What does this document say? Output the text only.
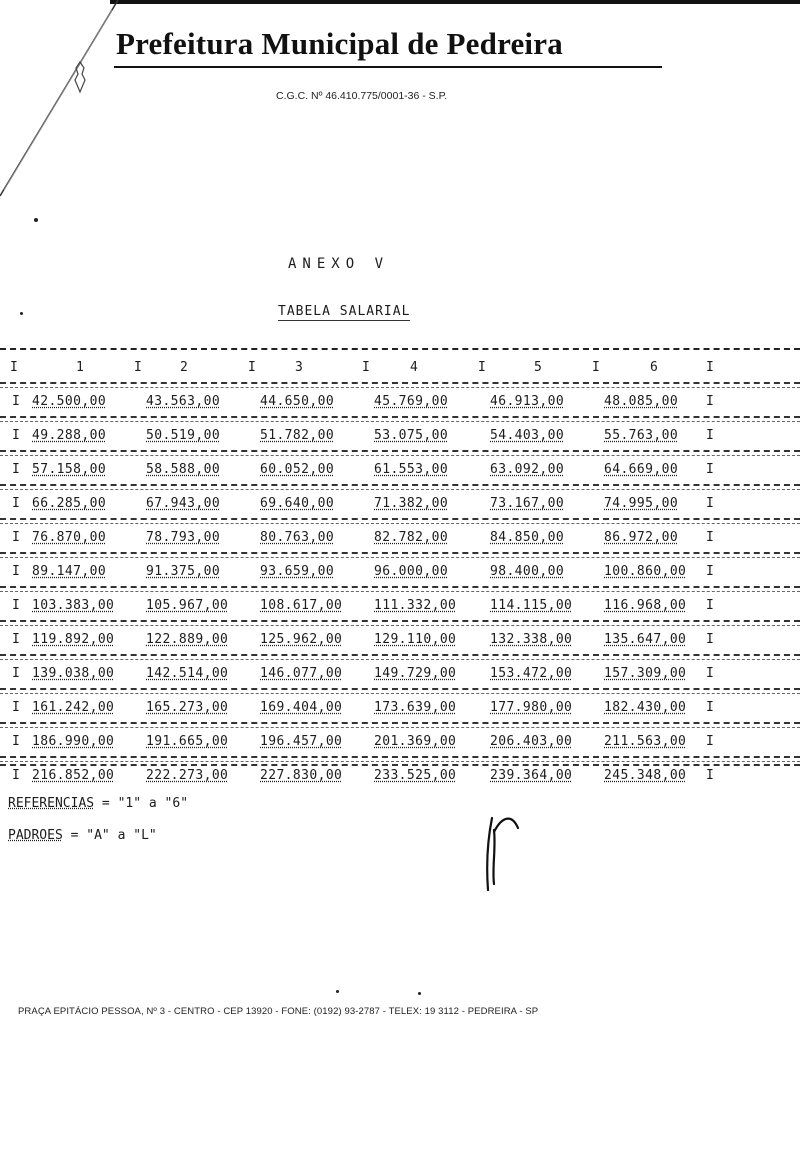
Prefeitura Municipal de Pedreira
C.G.C. Nº 46.410.775/0001-36 - S.P.
ANEXO V
TABELA SALARIAL
I	1	I	2	I	3	I	4	I	5	I	6	I
I	I
42.500,00	43.563,00	44.650,00	45.769,00	46.913,00	48.085,00
I	I
49.288,00	50.519,00	51.782,00	53.075,00	54.403,00	55.763,00
I	I
57.158,00	58.588,00	60.052,00	61.553,00	63.092,00	64.669,00
I	I
66.285,00	67.943,00	69.640,00	71.382,00	73.167,00	74.995,00
I	I
76.870,00	78.793,00	80.763,00	82.782,00	84.850,00	86.972,00
I	I
89.147,00	91.375,00	93.659,00	96.000,00	98.400,00	100.860,00
I	I
103.383,00 105.967,00 108.617,00 111.332,00	114.115,00 116.968,00
I	I
119.892,00 122.889,00 125.962,00 129.110,00	132.338,00 135.647,00
I	I
139.038,00 142.514,00 146.077,00 149.729,00	153.472,00 157.309,00
I	I
161.242,00 165.273,00 169.404,00 173.639,00	177.980,00 182.430,00
I	I
186.990,00 191.665,00 196.457,00 201.369,00	206.403,00 211.563,00
I	I
216.852,00 222.273,00 227.830,00 233.525,00	239.364,00 245.348,00
REFERENCIAS = "1" a "6"
PADROES = "A" a "L"
PRAÇA EPITÁCIO PESSOA, Nº 3 - CENTRO - CEP 13920 - FONE: (0192) 93-2787 - TELEX: 19 3112 - PEDREIRA - SP
